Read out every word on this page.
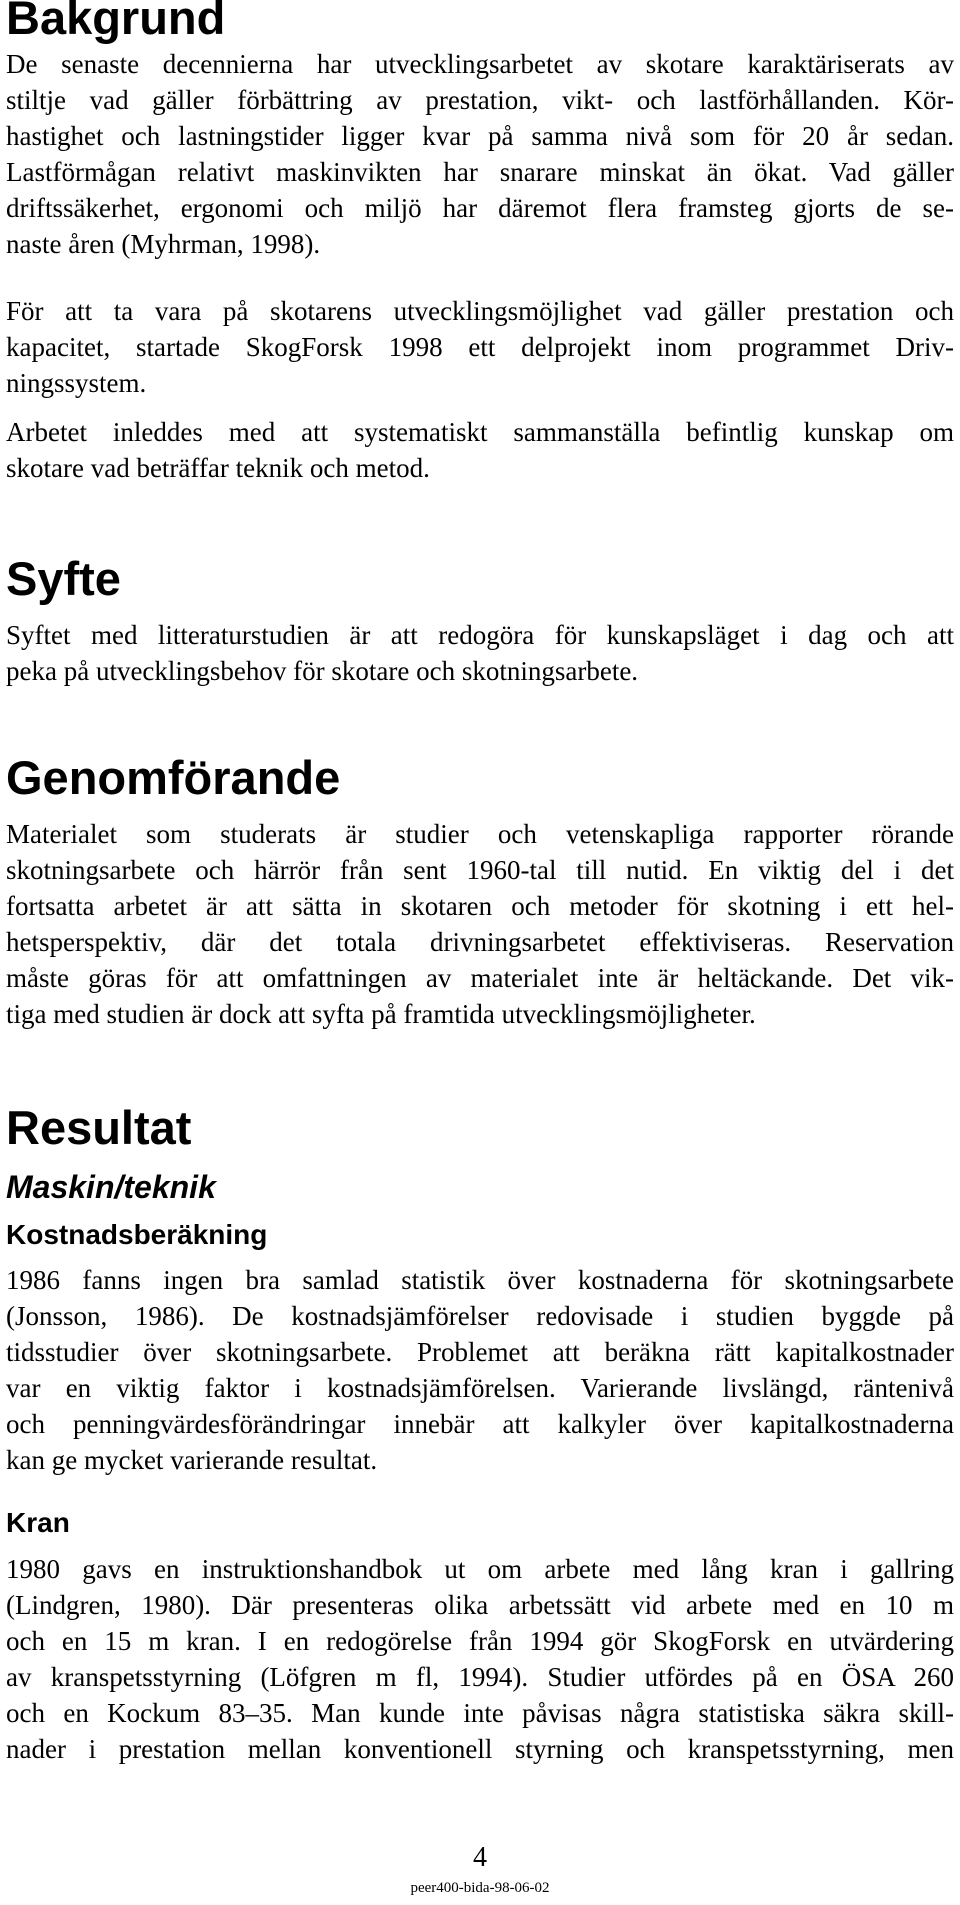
Bakgrund
De senaste decennierna har utvecklingsarbetet av skotare karaktäriserats av
stiltje vad gäller förbättring av prestation, vikt- och lastförhållanden. Kör-
hastighet och lastningstider ligger kvar på samma nivå som för 20 år sedan.
Lastförmågan relativt maskinvikten har snarare minskat än ökat. Vad gäller
driftssäkerhet, ergonomi och miljö har däremot flera framsteg gjorts de se-
naste åren (Myhrman, 1998).
För att ta vara på skotarens utvecklingsmöjlighet vad gäller prestation och
kapacitet, startade SkogForsk 1998 ett delprojekt inom programmet Driv-
ningssystem.
Arbetet inleddes med att systematiskt sammanställa befintlig kunskap om
skotare vad beträffar teknik och metod.
Syfte
Syftet med litteraturstudien är att redogöra för kunskapsläget i dag och att
peka på utvecklingsbehov för skotare och skotningsarbete.
Genomförande
Materialet som studerats är studier och vetenskapliga rapporter rörande
skotningsarbete och härrör från sent 1960-tal till nutid. En viktig del i det
fortsatta arbetet är att sätta in skotaren och metoder för skotning i ett hel-
hetsperspektiv, där det totala drivningsarbetet effektiviseras. Reservation
måste göras för att omfattningen av materialet inte är heltäckande. Det vik-
tiga med studien är dock att syfta på framtida utvecklingsmöjligheter.
Resultat
Maskin/teknik
Kostnadsberäkning
1986 fanns ingen bra samlad statistik över kostnaderna för skotningsarbete
(Jonsson, 1986). De kostnadsjämförelser redovisade i studien byggde på
tidsstudier över skotningsarbete. Problemet att beräkna rätt kapitalkostnader
var en viktig faktor i kostnadsjämförelsen. Varierande livslängd, räntenivå
och penningvärdesförändringar innebär att kalkyler över kapitalkostnaderna
kan ge mycket varierande resultat.
Kran
1980 gavs en instruktionshandbok ut om arbete med lång kran i gallring
(Lindgren, 1980). Där presenteras olika arbetssätt vid arbete med en 10 m
och en 15 m kran. I en redogörelse från 1994 gör SkogForsk en utvärdering
av kranspetsstyrning (Löfgren m fl, 1994). Studier utfördes på en ÖSA 260
och en Kockum 83–35. Man kunde inte påvisas några statistiska säkra skill-
nader i prestation mellan konventionell styrning och kranspetsstyrning, men
4
peer400-bida-98-06-02
